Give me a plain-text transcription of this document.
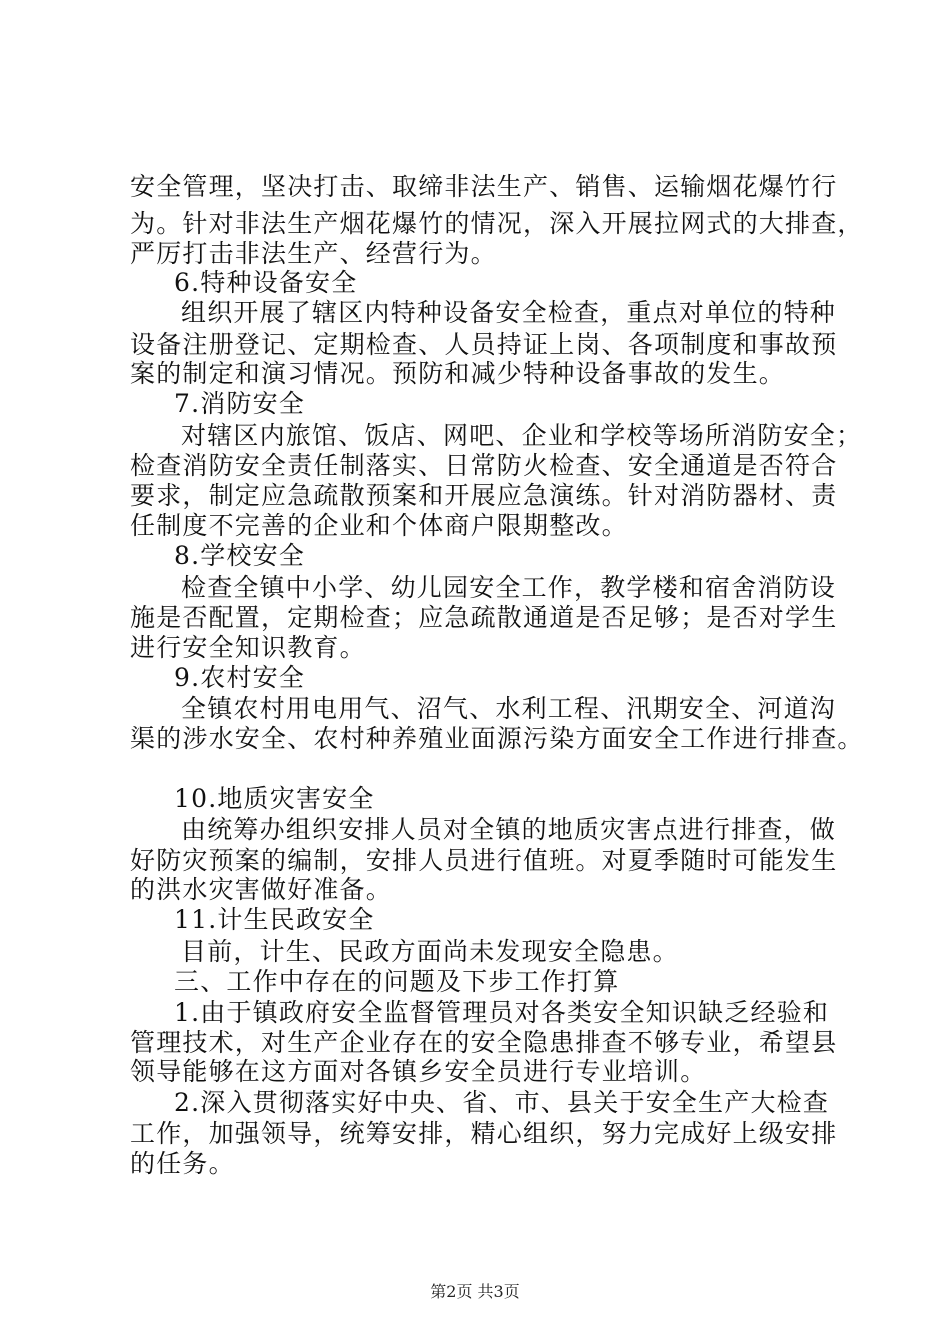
安全管理，坚决打击、取缔非法生产、销售、运输烟花爆竹行
为。针对非法生产烟花爆竹的情况，深入开展拉网式的大排查，
严厉打击非法生产、经营行为。
6.特种设备安全
组织开展了辖区内特种设备安全检查，重点对单位的特种
设备注册登记、定期检查、人员持证上岗、各项制度和事故预
案的制定和演习情况。预防和减少特种设备事故的发生。
7.消防安全
对辖区内旅馆、饭店、网吧、企业和学校等场所消防安全；
检查消防安全责任制落实、日常防火检查、安全通道是否符合
要求，制定应急疏散预案和开展应急演练。针对消防器材、责
任制度不完善的企业和个体商户限期整改。
8.学校安全
检查全镇中小学、幼儿园安全工作，教学楼和宿舍消防设
施是否配置，定期检查；应急疏散通道是否足够；是否对学生
进行安全知识教育。
9.农村安全
全镇农村用电用气、沼气、水利工程、汛期安全、河道沟
渠的涉水安全、农村种养殖业面源污染方面安全工作进行排查。
10.地质灾害安全
由统筹办组织安排人员对全镇的地质灾害点进行排查，做
好防灾预案的编制，安排人员进行值班。对夏季随时可能发生
的洪水灾害做好准备。
11.计生民政安全
目前，计生、民政方面尚未发现安全隐患。
三、工作中存在的问题及下步工作打算
1.由于镇政府安全监督管理员对各类安全知识缺乏经验和
管理技术，对生产企业存在的安全隐患排查不够专业，希望县
领导能够在这方面对各镇乡安全员进行专业培训。
2.深入贯彻落实好中央、省、市、县关于安全生产大检查
工作，加强领导，统筹安排，精心组织，努力完成好上级安排
的任务。
第2页 共3页
